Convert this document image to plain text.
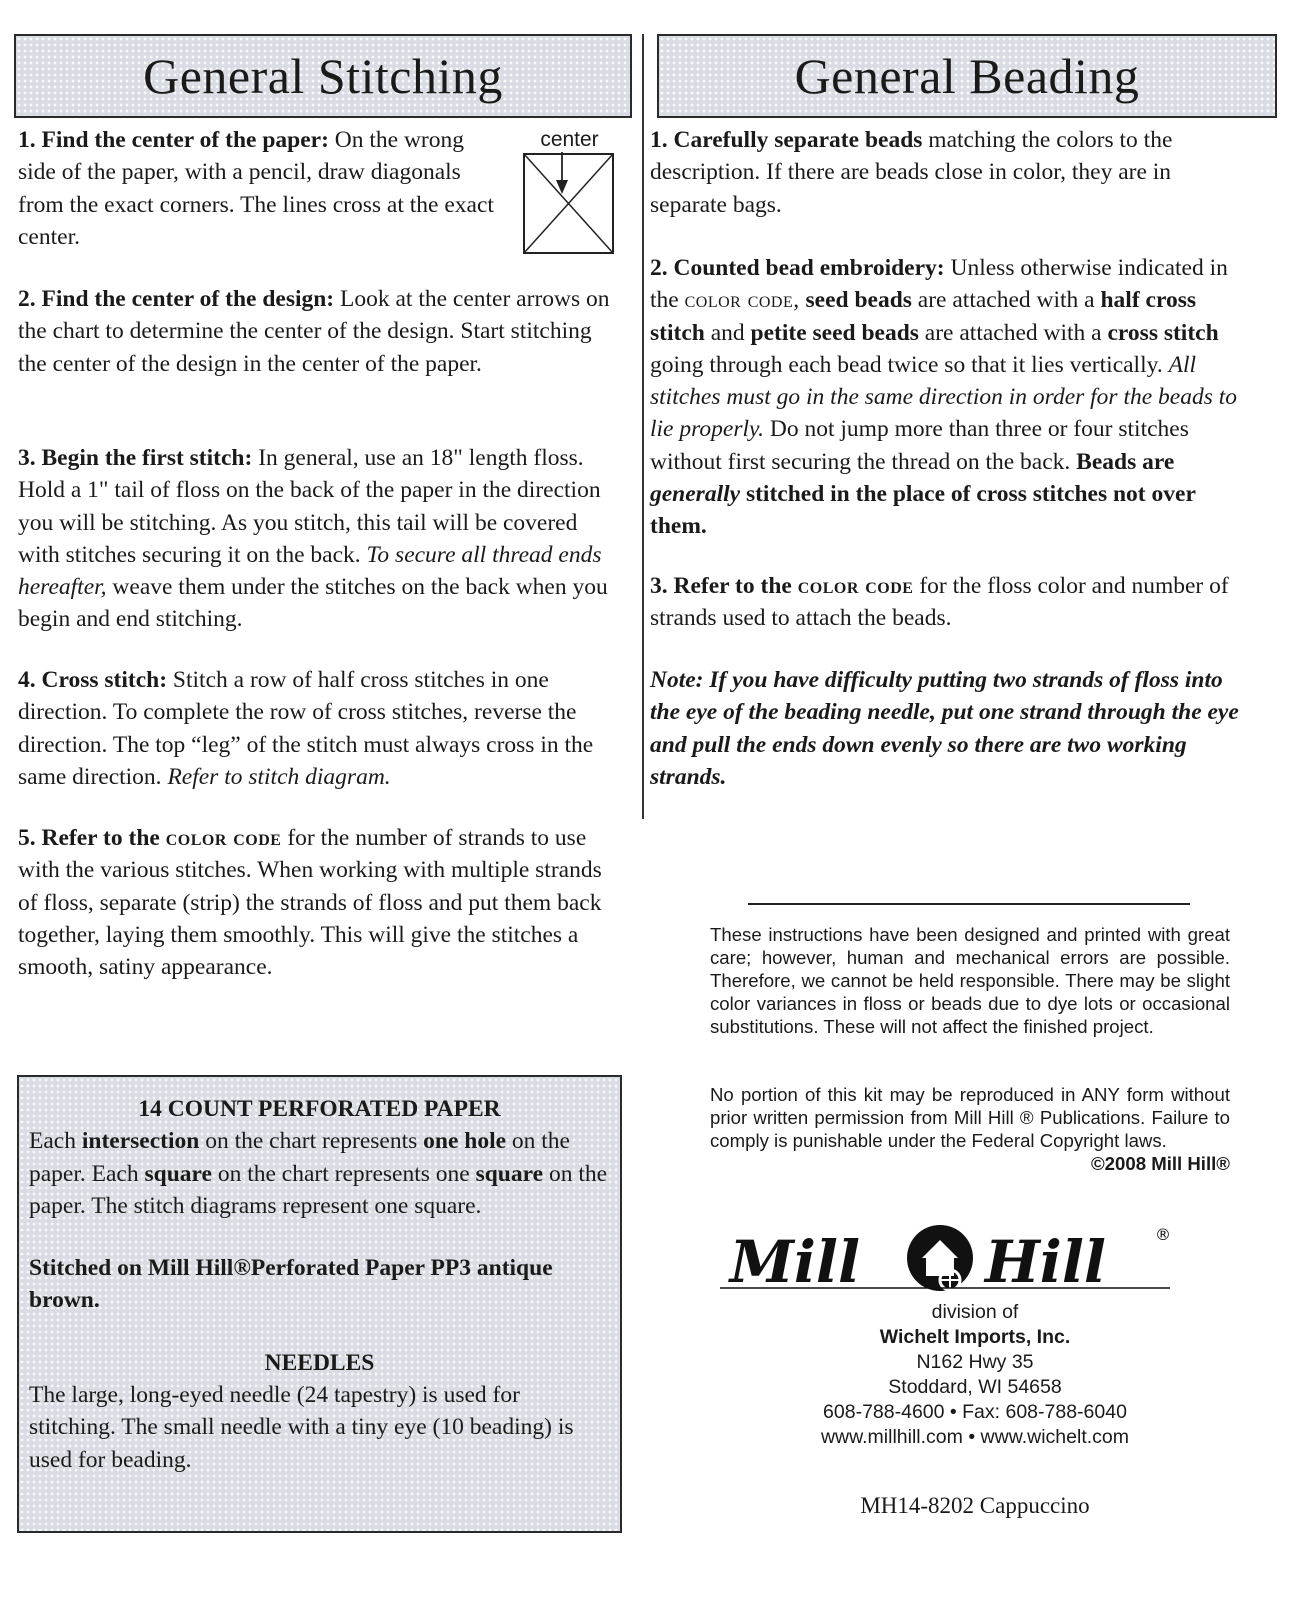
General Stitching	General Beading

1. Find the center of the paper: On the wrong side of the paper, with a pencil, draw diagonals from the exact corners. The lines cross at the exact center.

center

2. Find the center of the design: Look at the center arrows on the chart to determine the center of the design. Start stitching the center of the design in the center of the paper.

3. Begin the first stitch: In general, use an 18" length floss. Hold a 1" tail of floss on the back of the paper in the direction you will be stitching. As you stitch, this tail will be covered with stitches securing it on the back. To secure all thread ends hereafter, weave them under the stitches on the back when you begin and end stitching.

4. Cross stitch: Stitch a row of half cross stitches in one direction. To complete the row of cross stitches, reverse the direction. The top “leg” of the stitch must always cross in the same direction. Refer to stitch diagram.

5. Refer to the color code for the number of strands to use with the various stitches. When working with multiple strands of floss, separate (strip) the strands of floss and put them back together, laying them smoothly. This will give the stitches a smooth, satiny appearance.

14 COUNT PERFORATED PAPER

Each intersection on the chart represents one hole on the paper. Each square on the chart represents one square on the paper. The stitch diagrams represent one square.

Stitched on Mill Hill®Perforated Paper PP3 antique brown.

NEEDLES

The large, long-eyed needle (24 tapestry) is used for stitching. The small needle with a tiny eye (10 beading) is used for beading.

1. Carefully separate beads matching the colors to the description. If there are beads close in color, they are in separate bags.

2. Counted bead embroidery: Unless otherwise indicated in the color code, seed beads are attached with a half cross stitch and petite seed beads are attached with a cross stitch going through each bead twice so that it lies vertically. All stitches must go in the same direction in order for the beads to lie properly. Do not jump more than three or four stitches without first securing the thread on the back. Beads are generally stitched in the place of cross stitches not over them.

3. Refer to the color code for the floss color and number of strands used to attach the beads.

Note: If you have difficulty putting two strands of floss into the eye of the beading needle, put one strand through the eye and pull the ends down evenly so there are two working strands.

These instructions have been designed and printed with great care; however, human and mechanical errors are possible. Therefore, we cannot be held responsible. There may be slight color variances in floss or beads due to dye lots or occasional substitutions. These will not affect the finished project.

No portion of this kit may be reproduced in ANY form without prior written permission from Mill Hill ® Publications. Failure to comply is punishable under the Federal Copyright laws.
©2008 Mill Hill®

Mill Hill	®
division of
Wichelt Imports, Inc.
N162 Hwy 35
Stoddard, WI 54658
608-788-4600 • Fax: 608-788-6040
www.millhill.com • www.wichelt.com
MH14-8202 Cappuccino
